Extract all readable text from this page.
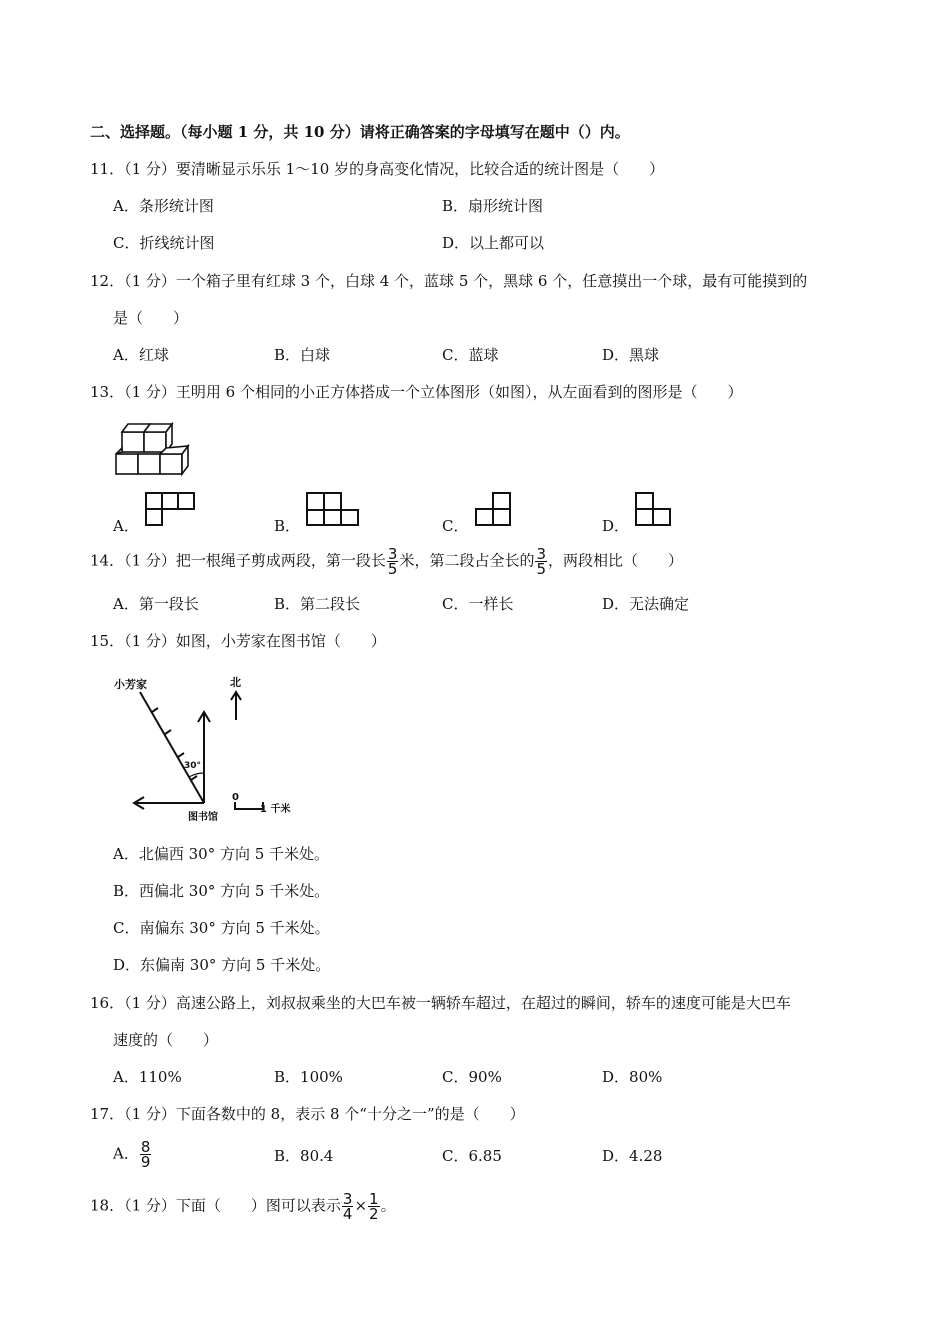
二、选择题。（每小题 1 分，共 10 分）请将正确答案的字母填写在题中（）内。
11．（1 分）要清晰显示乐乐 1～10 岁的身高变化情况，比较合适的统计图是（　　）
A．条形统计图	B．扇形统计图
C．折线统计图	D．以上都可以
12．（1 分）一个箱子里有红球 3 个，白球 4 个，蓝球 5 个，黑球 6 个，任意摸出一个球，最有可能摸到的
是（　　）
A．红球	B．白球	C．蓝球	D．黑球
13．（1 分）王明用 6 个相同的小正方体搭成一个立体图形（如图），从左面看到的图形是（　　）
A．	B．	C．	D．
14．（1 分）把一根绳子剪成两段，第一段长 $\frac{3}{5}$ 米，第二段占全长的 $\frac{3}{5}$ ，两段相比（　　）
A．第一段长	B．第二段长	C．一样长	D．无法确定
15．（1 分）如图，小芳家在图书馆（　　）
小芳家	北
30°
图书馆
0
1 千米
A．北偏西 30° 方向 5 千米处。
B．西偏北 30° 方向 5 千米处。
C．南偏东 30° 方向 5 千米处。
D．东偏南 30° 方向 5 千米处。
16．（1 分）高速公路上，刘叔叔乘坐的大巴车被一辆轿车超过，在超过的瞬间，轿车的速度可能是大巴车
速度的（　　）
A．110%	B．100%	C．90%	D．80%
17．（1 分）下面各数中的 8，表示 8 个“十分之一”的是（　　）
A． $\frac{8}{9}$	B．80.4	C．6.85	D．4.28
18．（1 分）下面（　　）图可以表示 $\frac{3}{4} \times \frac{1}{2}$ 。
